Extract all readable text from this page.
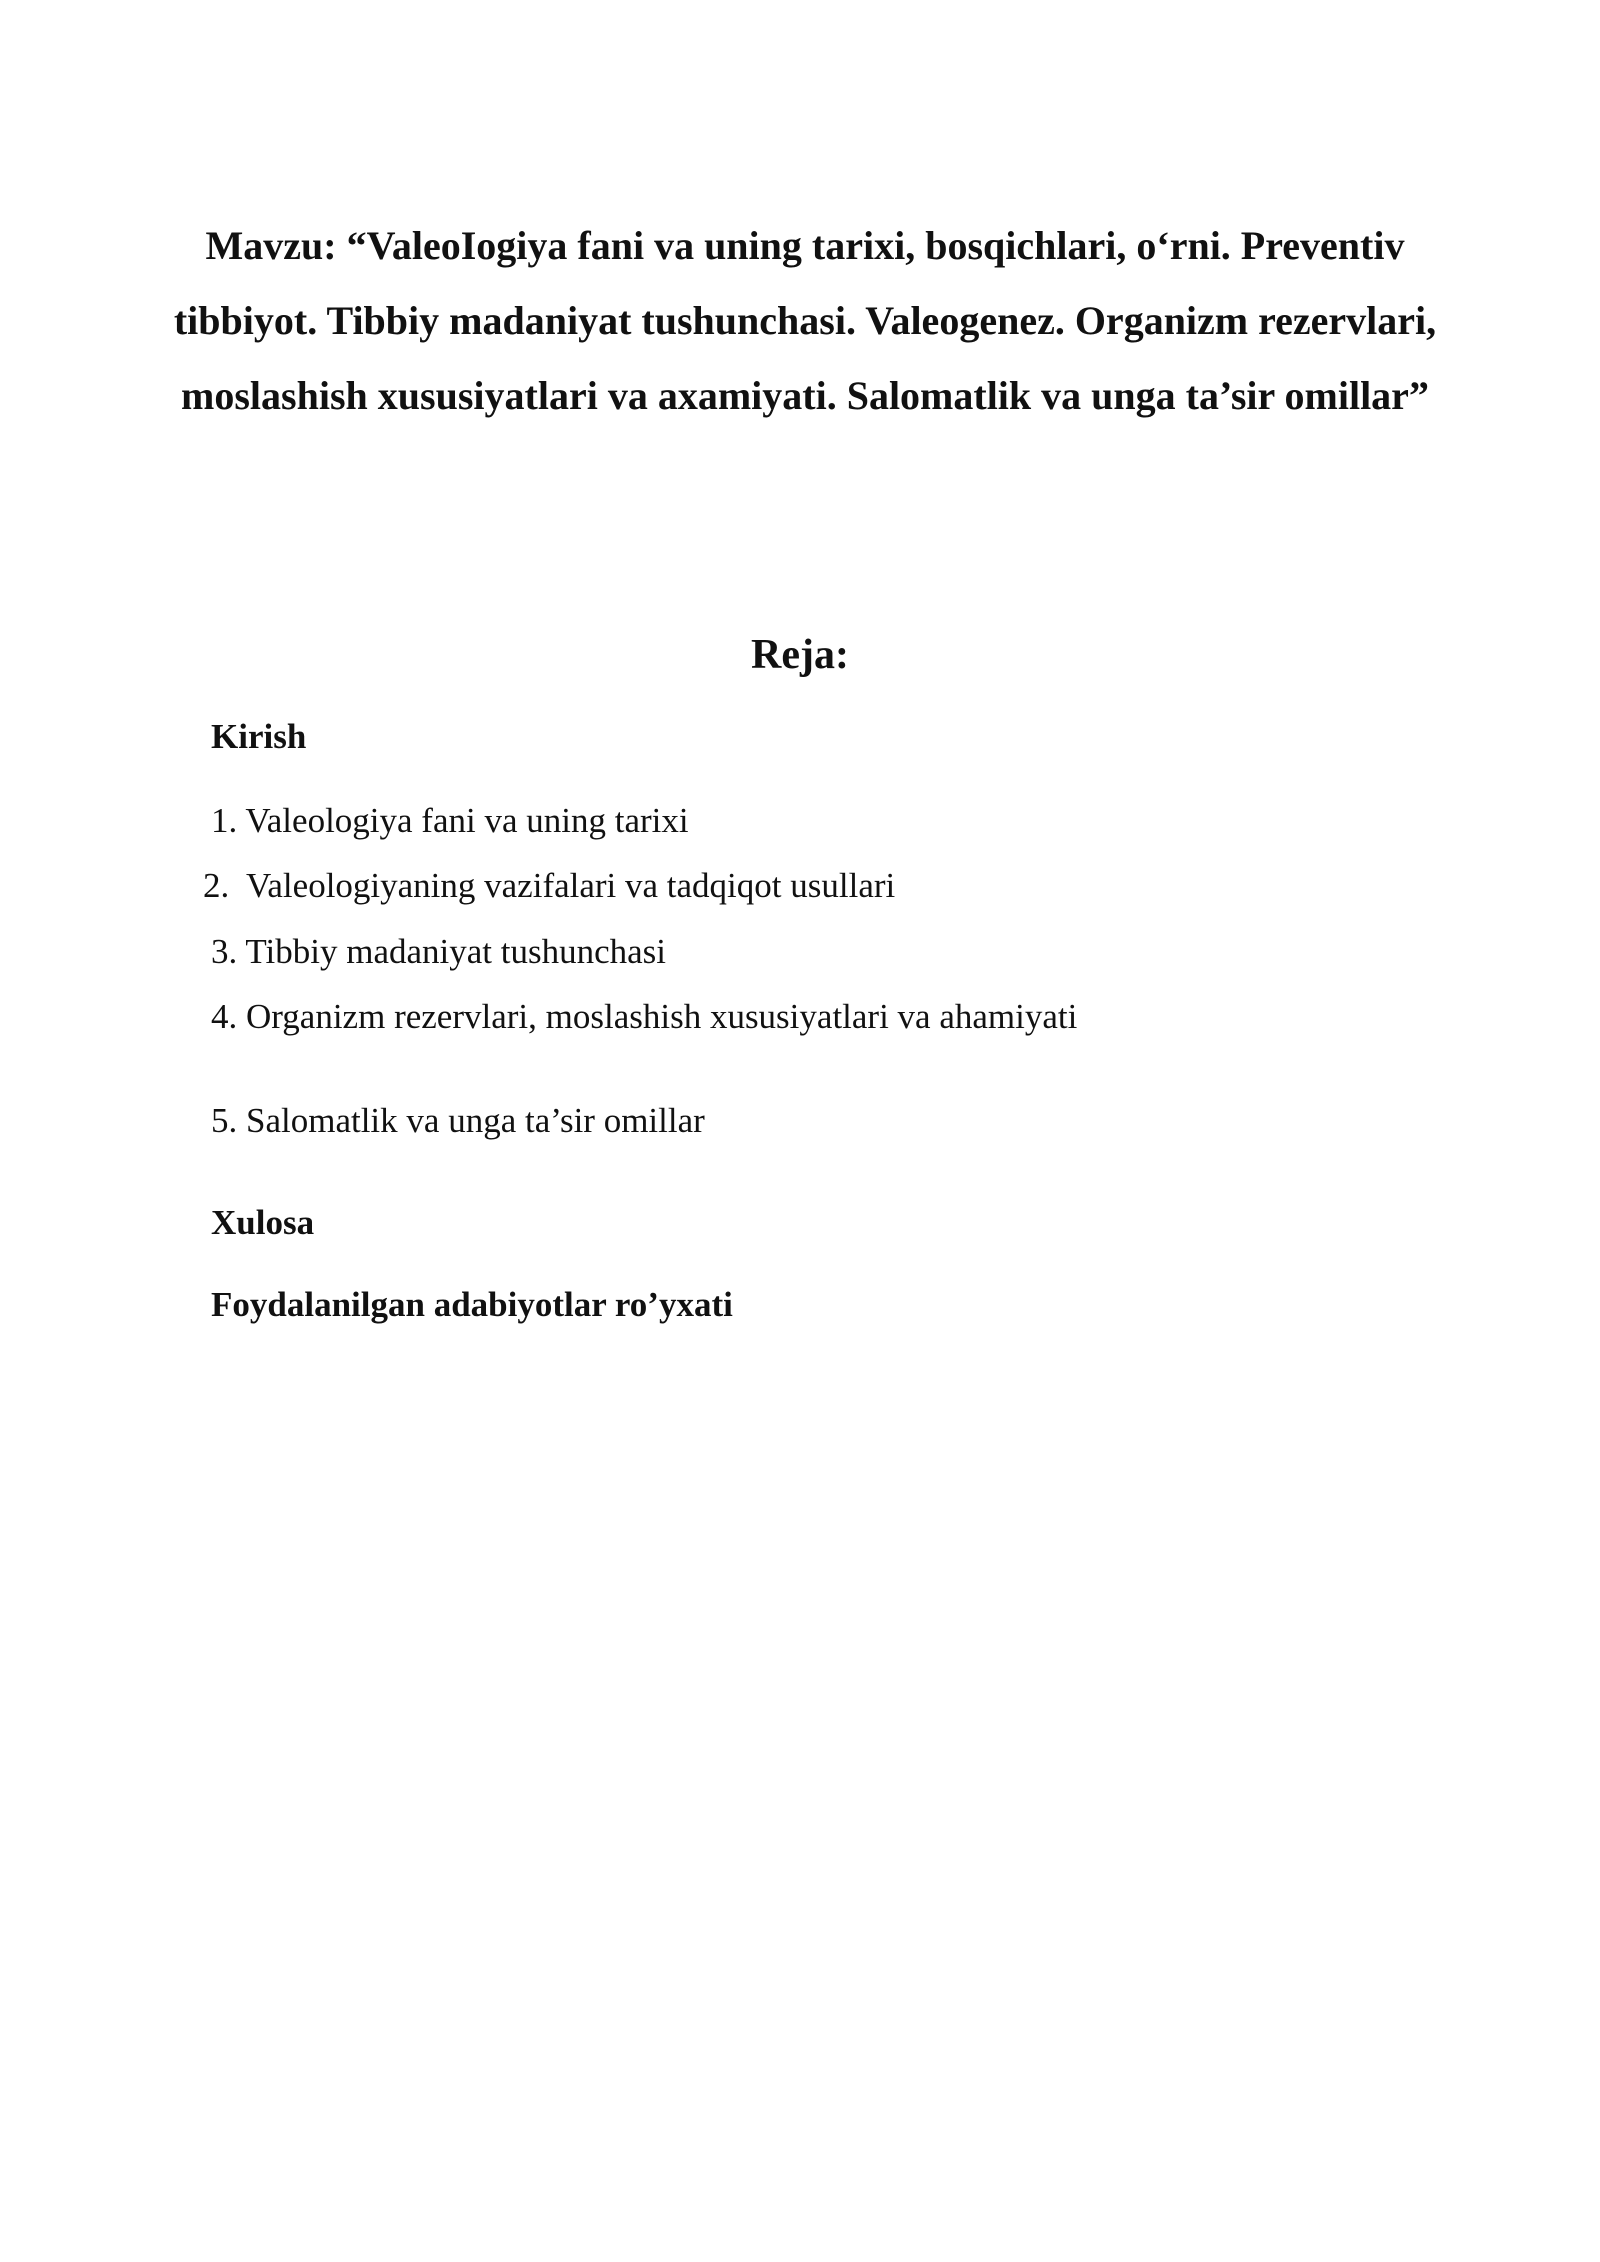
Mavzu: “ValeoIogiya fani va uning tarixi, bosqichlari, o‘rni. Preventiv tibbiyot. Tibbiy madaniyat tushunchasi. Valeogenez. Organizm rezervlari, moslashish xususiyatlari va axamiyati. Salomatlik va unga ta’sir omillar”
Reja:

Kirish

1. Valeologiya fani va uning tarixi

2. Valeologiyaning vazifalari va tadqiqot usullari

3. Tibbiy madaniyat tushunchasi

4. Organizm rezervlari, moslashish xususiyatlari va ahamiyati

5. Salomatlik va unga ta’sir omillar

Xulosa

Foydalanilgan adabiyotlar ro’yxati
